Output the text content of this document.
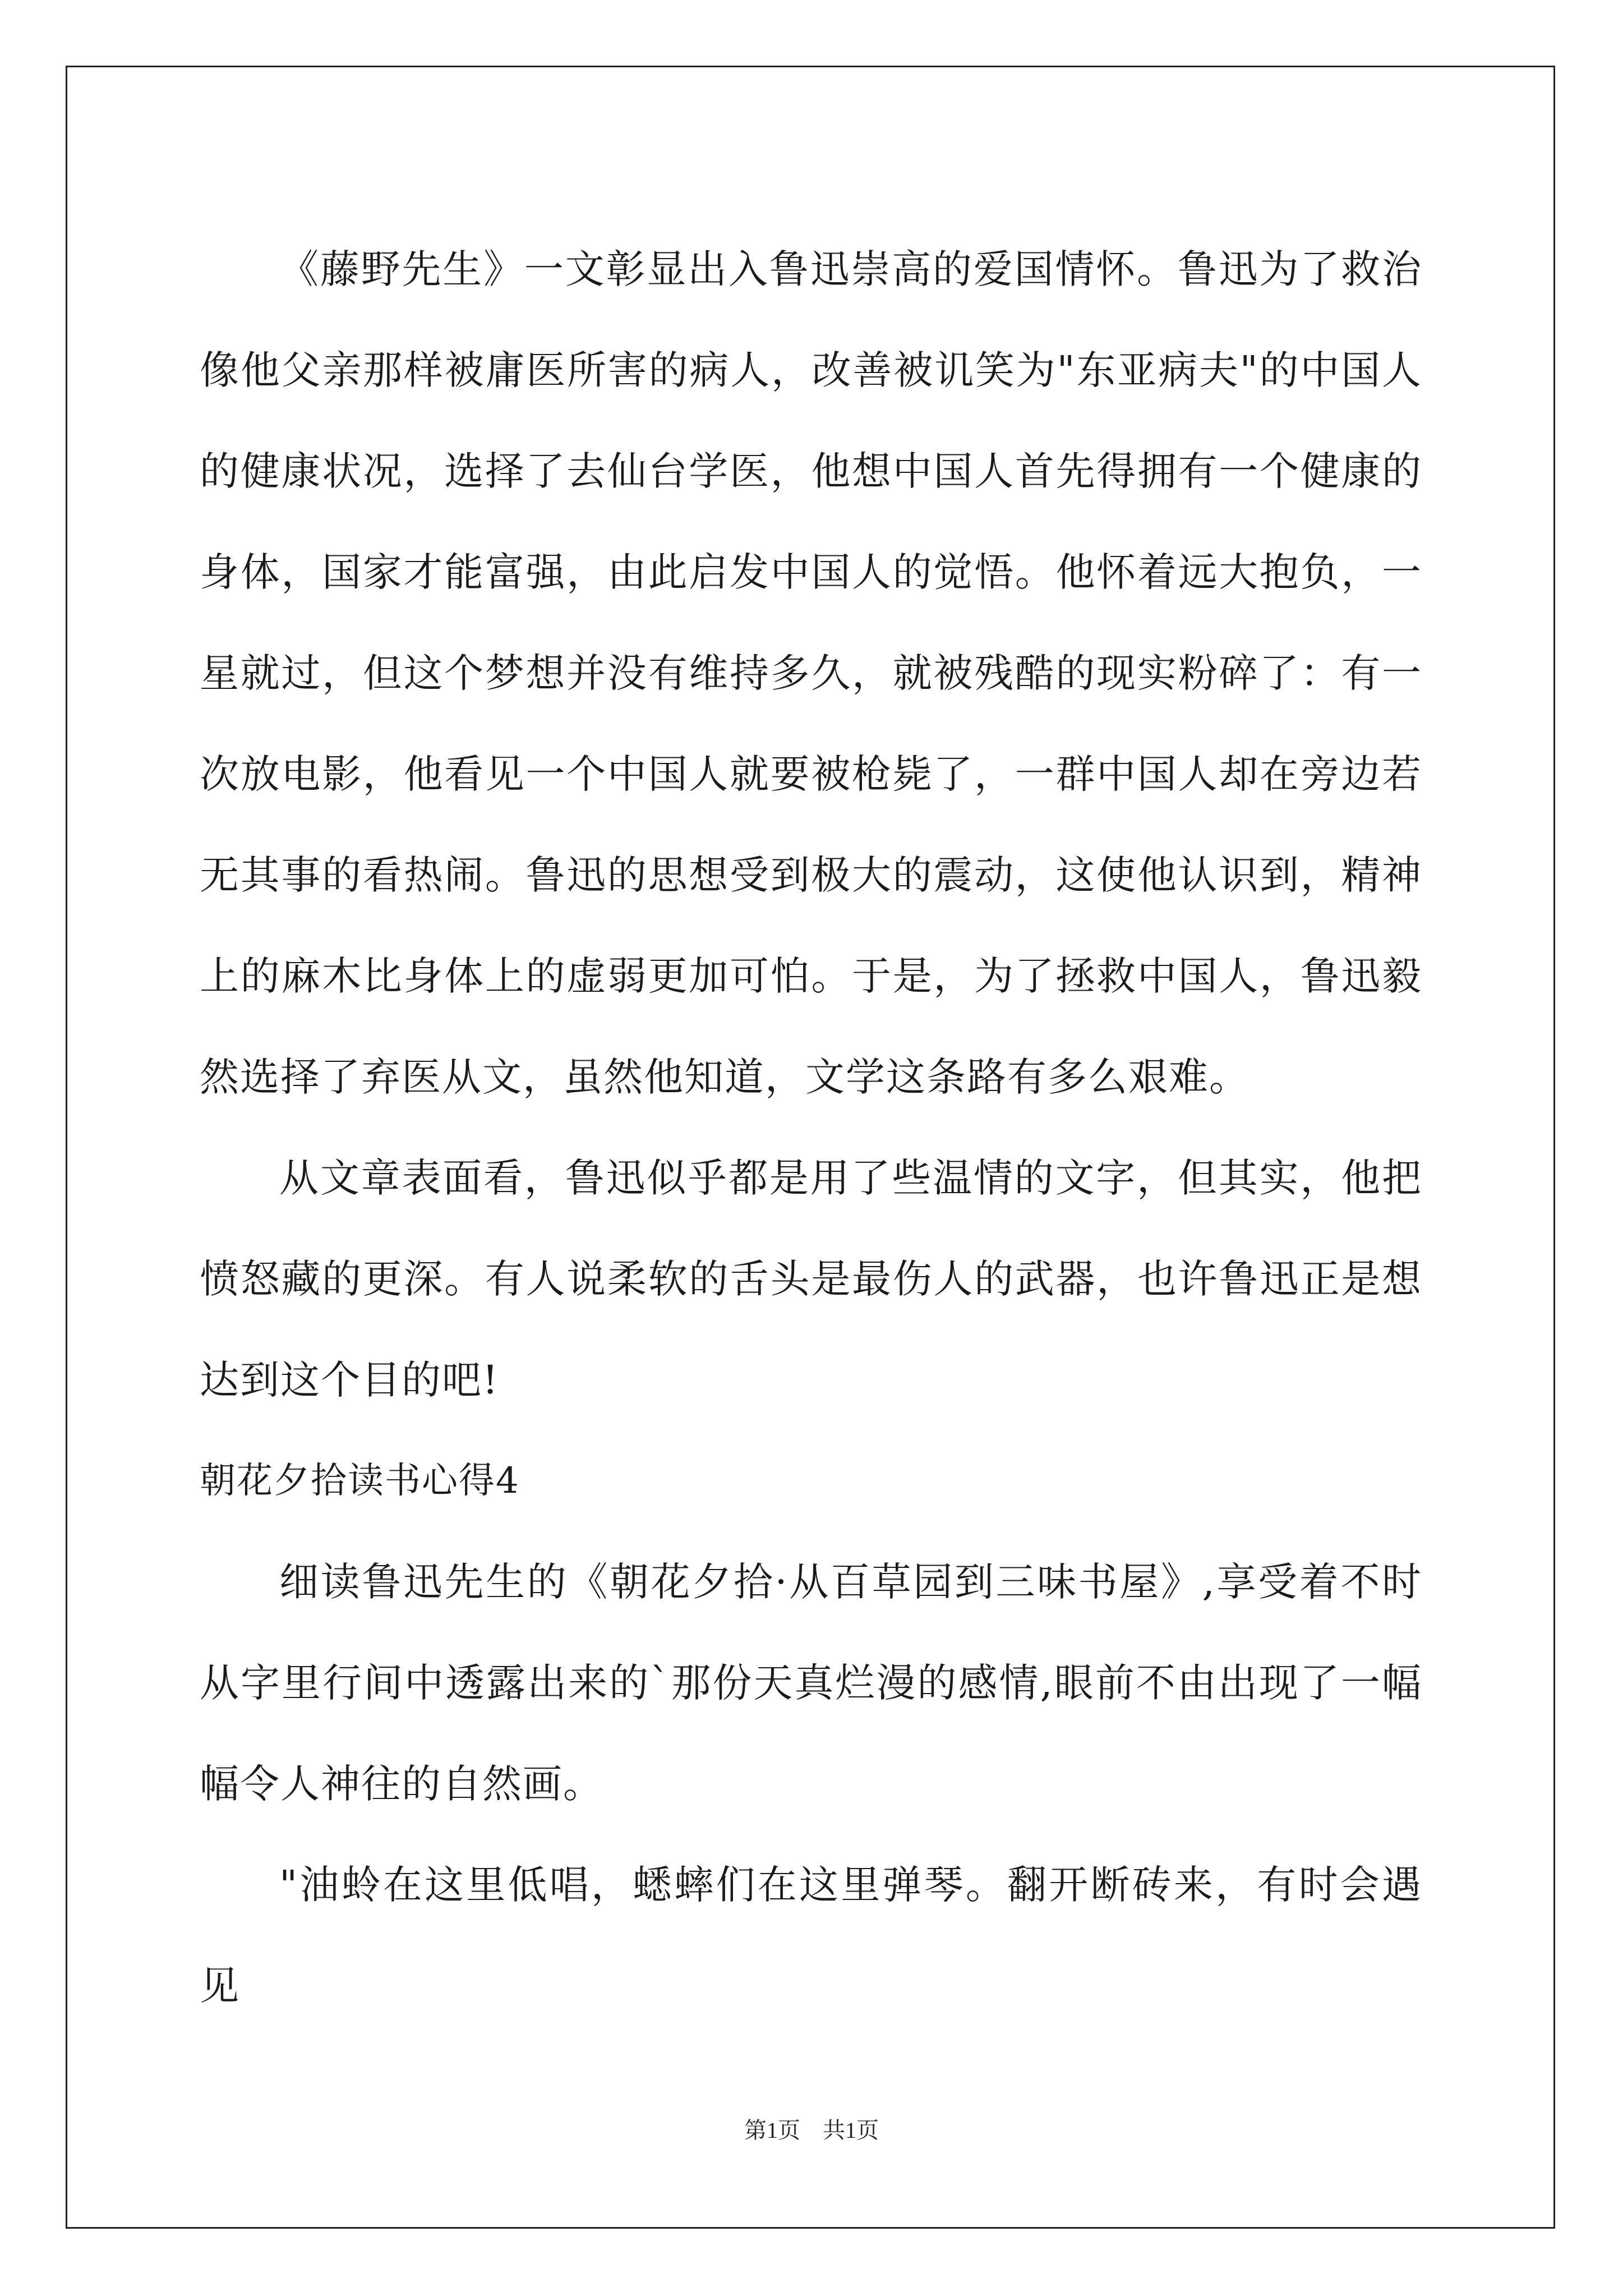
《藤野先生》一文彰显出入鲁迅崇高的爱国情怀。鲁迅为了救治像他父亲那样被庸医所害的病人，改善被讥笑为"东亚病夫"的中国人的健康状况，选择了去仙台学医，他想中国人首先得拥有一个健康的身体，国家才能富强，由此启发中国人的觉悟。他怀着远大抱负，一星就过，但这个梦想并没有维持多久，就被残酷的现实粉碎了：有一次放电影，他看见一个中国人就要被枪毙了，一群中国人却在旁边若无其事的看热闹。鲁迅的思想受到极大的震动，这使他认识到，精神上的麻木比身体上的虚弱更加可怕。于是，为了拯救中国人，鲁迅毅然选择了弃医从文，虽然他知道，文学这条路有多么艰难。

从文章表面看，鲁迅似乎都是用了些温情的文字，但其实，他把愤怒藏的更深。有人说柔软的舌头是最伤人的武器，也许鲁迅正是想达到这个目的吧!

朝花夕拾读书心得4

细读鲁迅先生的《朝花夕拾·从百草园到三味书屋》,享受着不时从字里行间中透露出来的`那份天真烂漫的感情,眼前不由出现了一幅幅令人神往的自然画。

"油蛉在这里低唱，蟋蟀们在这里弹琴。翻开断砖来，有时会遇见

第1页　共1页
